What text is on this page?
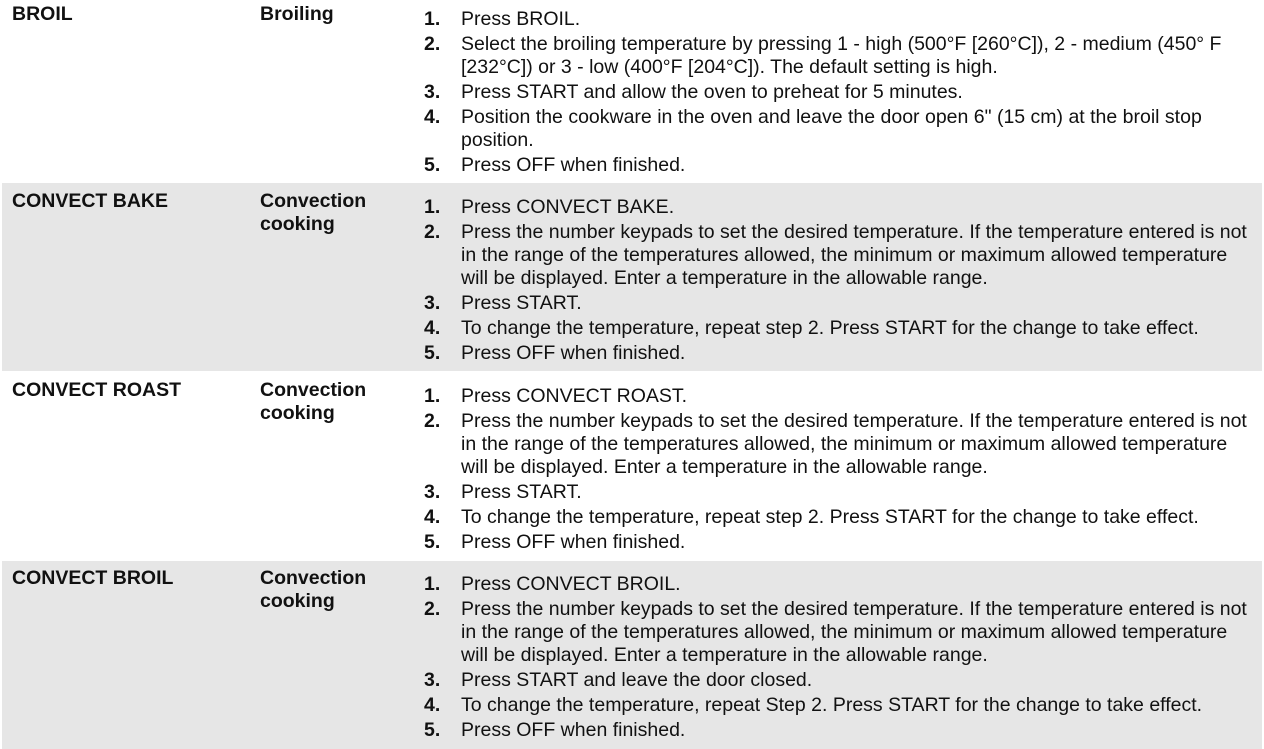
BROIL	Broiling	1. Press BROIL.
2. Select the broiling temperature by pressing 1 - high (500°F [260°C]), 2 - medium (450° F [232°C]) or 3 - low (400°F [204°C]). The default setting is high.
3. Press START and allow the oven to preheat for 5 minutes.
4. Position the cookware in the oven and leave the door open 6" (15 cm) at the broil stop position.
5. Press OFF when finished.
CONVECT BAKE	Convection cooking
1. Press CONVECT BAKE.
2. Press the number keypads to set the desired temperature. If the temperature entered is not in the range of the temperatures allowed, the minimum or maximum allowed temperature will be displayed. Enter a temperature in the allowable range.
3. Press START.
4. To change the temperature, repeat step 2. Press START for the change to take effect.
5. Press OFF when finished.
CONVECT ROAST	Convection cooking
1. Press CONVECT ROAST.
2. Press the number keypads to set the desired temperature. If the temperature entered is not in the range of the temperatures allowed, the minimum or maximum allowed temperature will be displayed. Enter a temperature in the allowable range.
3. Press START.
4. To change the temperature, repeat step 2. Press START for the change to take effect.
5. Press OFF when finished.
CONVECT BROIL	Convection cooking
1. Press CONVECT BROIL.
2. Press the number keypads to set the desired temperature. If the temperature entered is not in the range of the temperatures allowed, the minimum or maximum allowed temperature will be displayed. Enter a temperature in the allowable range.
3. Press START and leave the door closed.
4. To change the temperature, repeat Step 2. Press START for the change to take effect.
5. Press OFF when finished.
